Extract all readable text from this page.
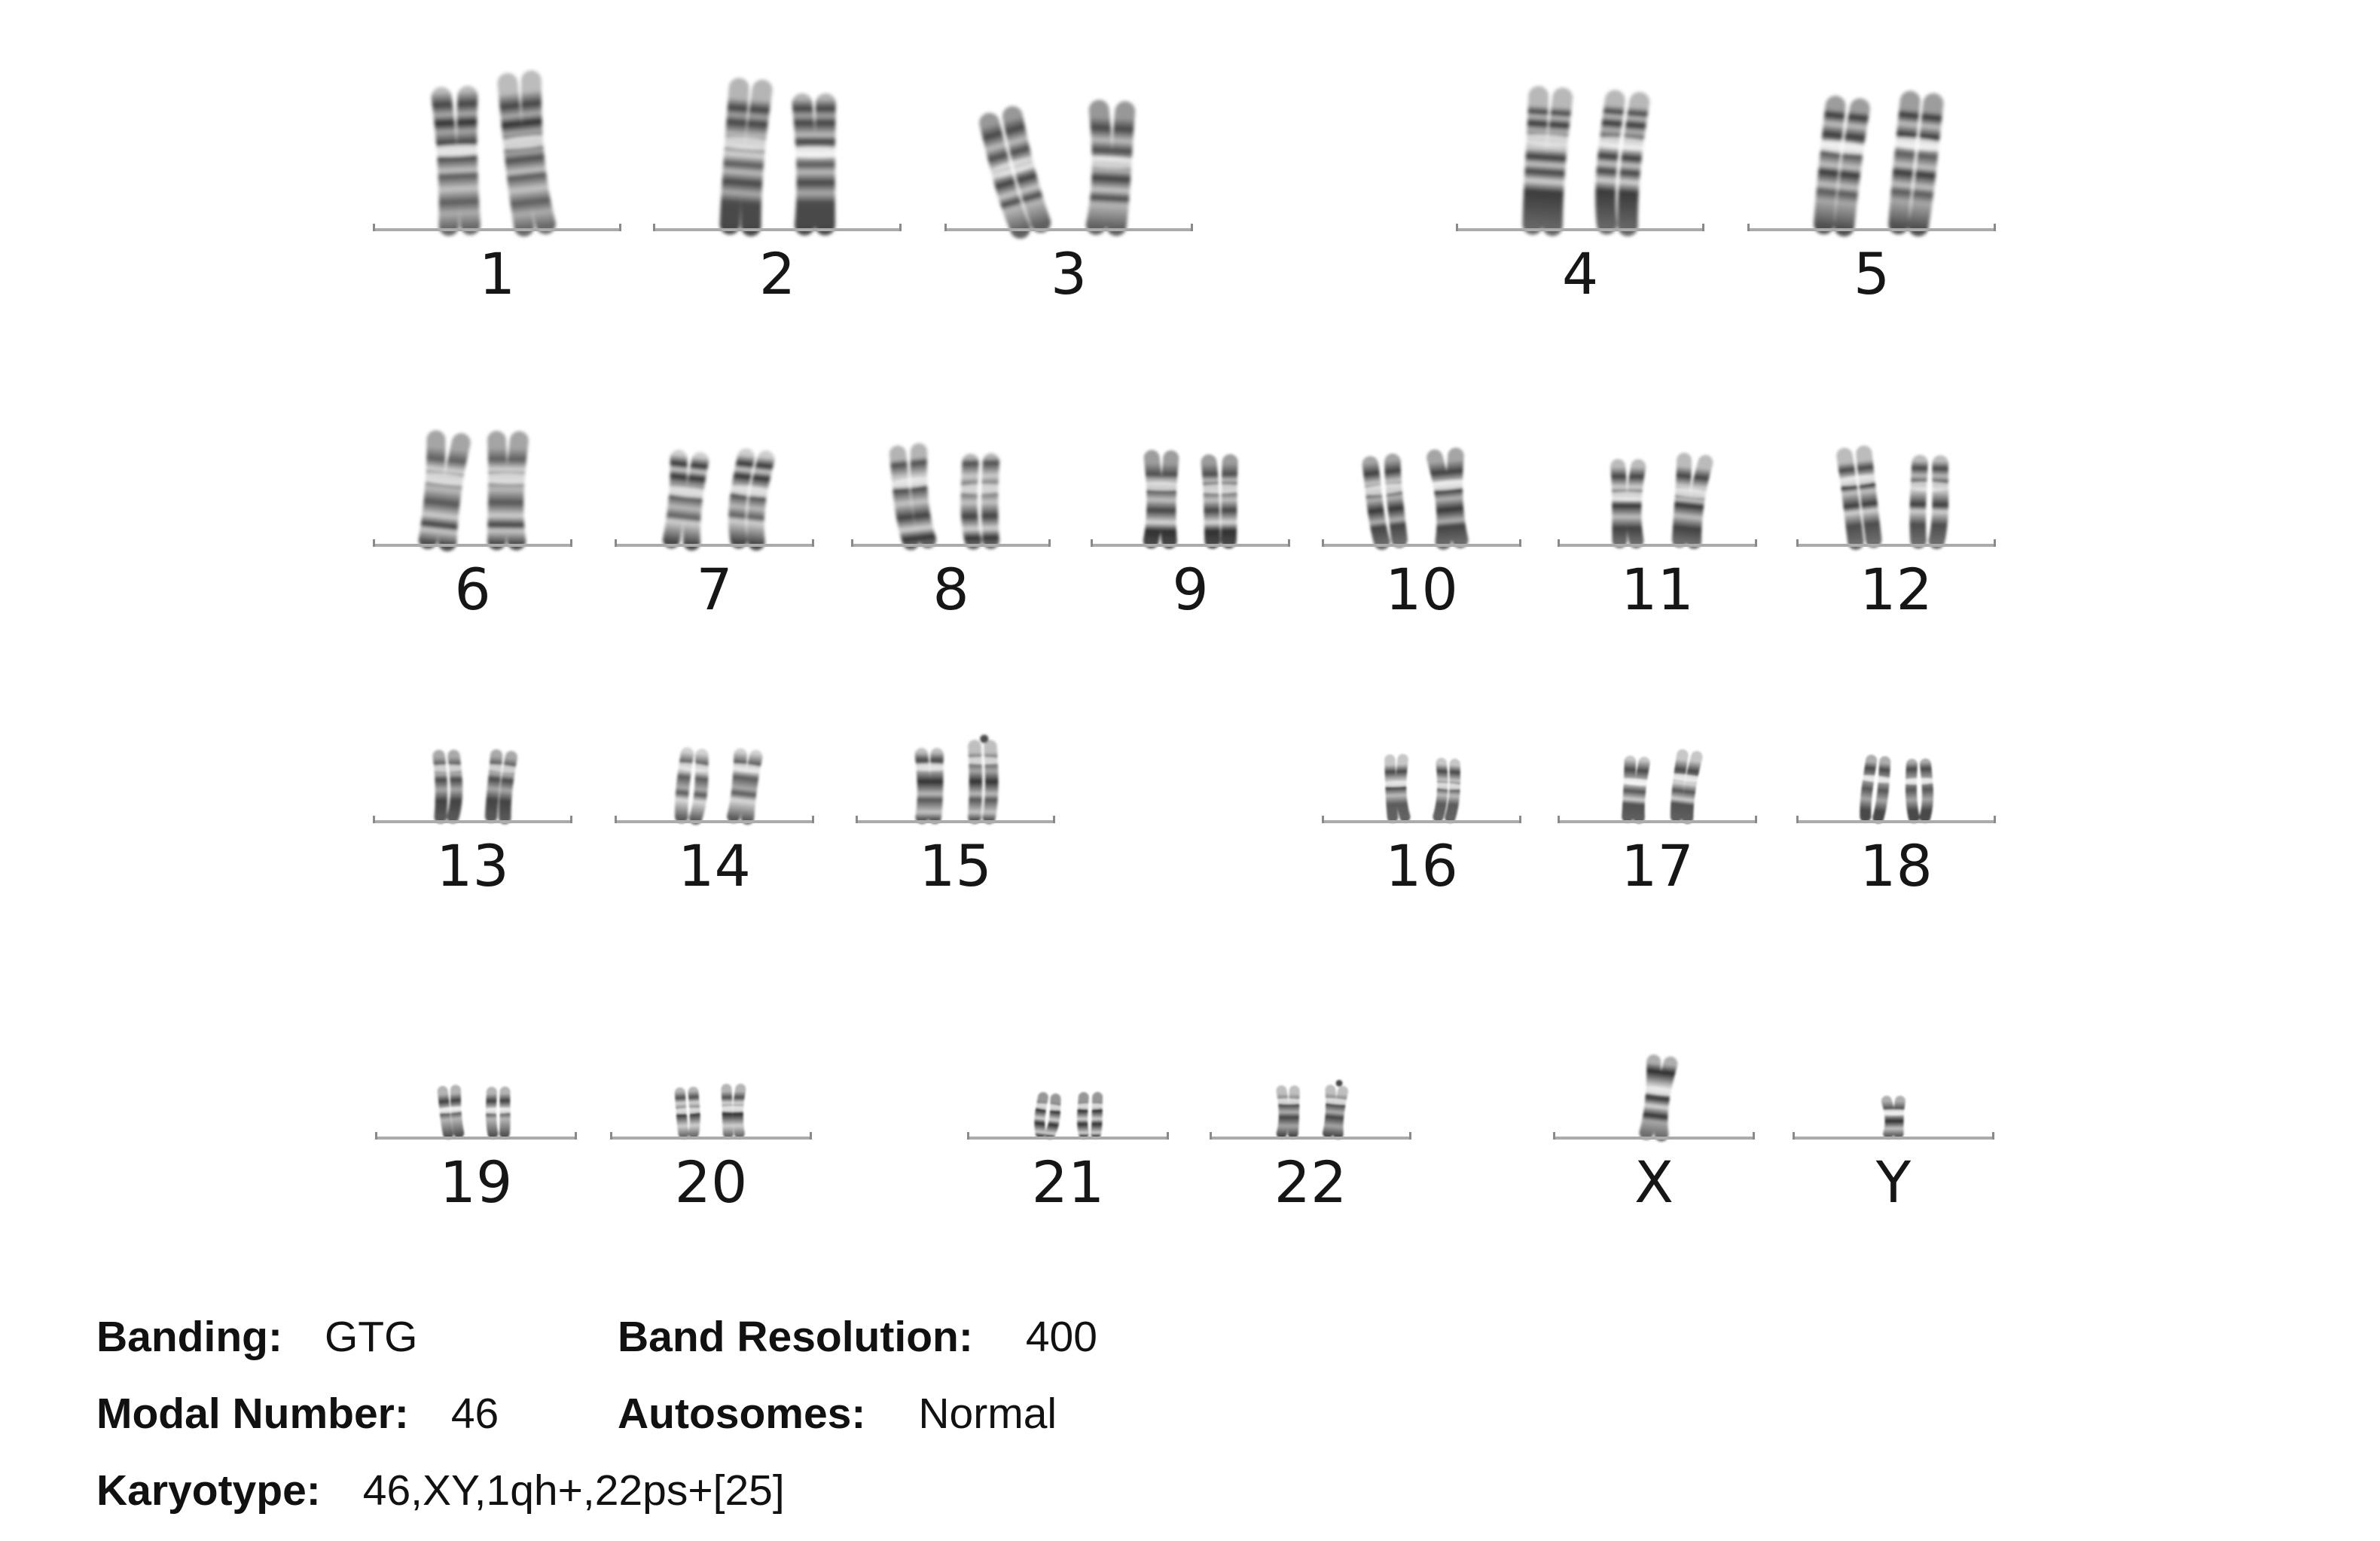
1	2	3	4	5
6	7	8	9	10	11	12
13	14	15	16	17	18
19	20	21	22	X	Y
Banding: GTG	Band Resolution: 400
Modal Number: 46	Autosomes: Normal
Karyotype: 46,XY,1qh+,22ps+[25]
